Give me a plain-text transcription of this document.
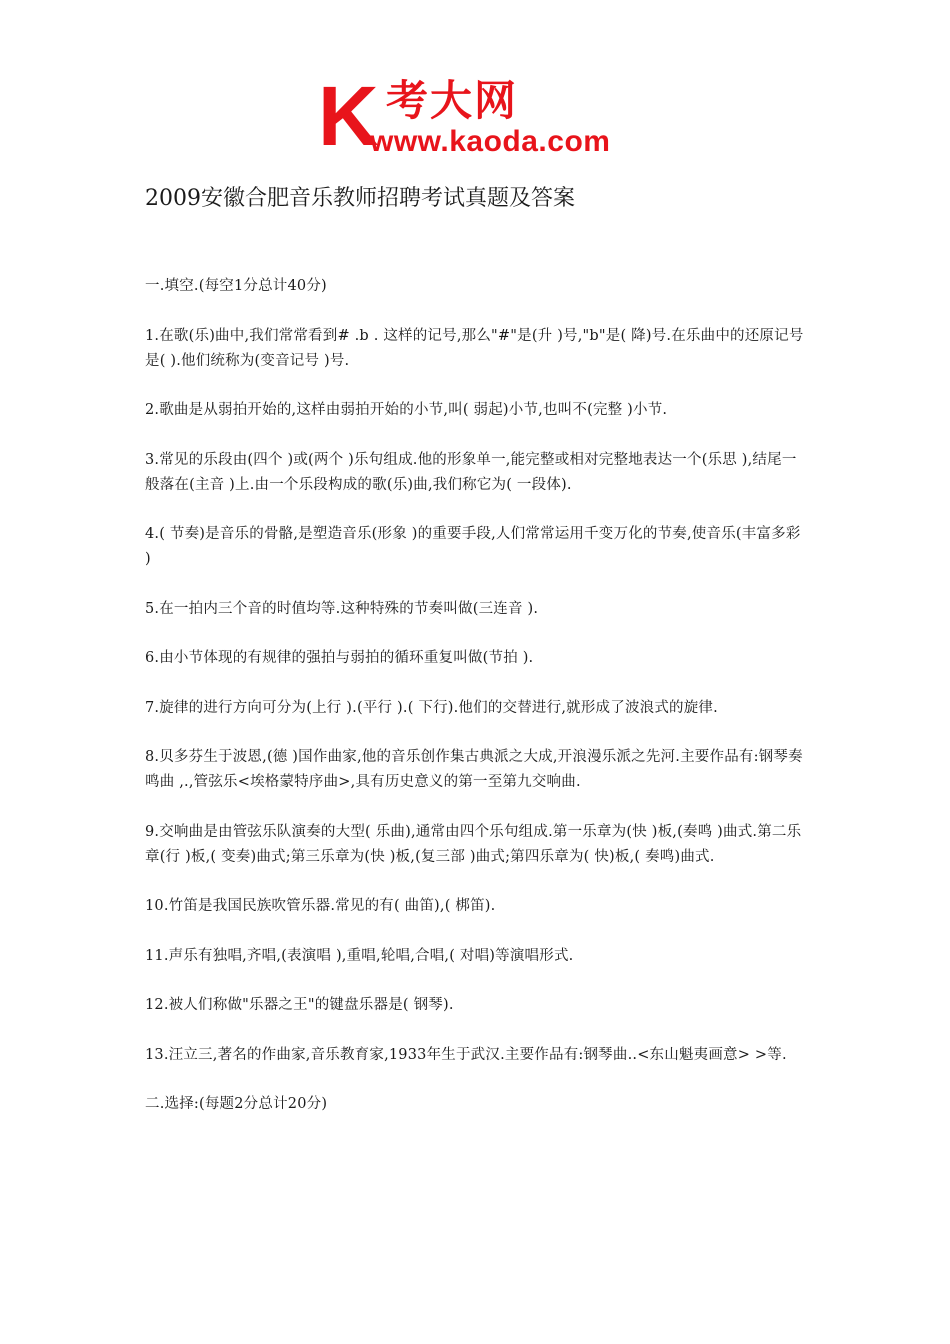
K 考大网
www.kaoda.com
2009安徽合肥音乐教师招聘考试真题及答案

一.填空.(每空1分总计40分)

1.在歌(乐)曲中,我们常常看到# .b . 这样的记号,那么"#"是(升 )号,"b"是( 降)号.在乐曲中的还原记号是( ).他们统称为(变音记号 )号.

2.歌曲是从弱拍开始的,这样由弱拍开始的小节,叫( 弱起)小节,也叫不(完整 )小节.

3.常见的乐段由(四个 )或(两个 )乐句组成.他的形象单一,能完整或相对完整地表达一个(乐思 ),结尾一般落在(主音 )上.由一个乐段构成的歌(乐)曲,我们称它为( 一段体).

4.( 节奏)是音乐的骨骼,是塑造音乐(形象 )的重要手段,人们常常运用千变万化的节奏,使音乐(丰富多彩 )

5.在一拍内三个音的时值均等.这种特殊的节奏叫做(三连音 ).

6.由小节体现的有规律的强拍与弱拍的循环重复叫做(节拍 ).

7.旋律的进行方向可分为(上行 ).(平行 ).( 下行).他们的交替进行,就形成了波浪式的旋律.

8.贝多芬生于波恩,(德 )国作曲家,他的音乐创作集古典派之大成,开浪漫乐派之先河.主要作品有:钢琴奏鸣曲 ,.,管弦乐<埃格蒙特序曲>,具有历史意义的第一至第九交响曲.

9.交响曲是由管弦乐队演奏的大型( 乐曲),通常由四个乐句组成.第一乐章为(快 )板,(奏鸣 )曲式.第二乐章(行 )板,( 变奏)曲式;第三乐章为(快 )板,(复三部 )曲式;第四乐章为( 快)板,( 奏鸣)曲式.

10.竹笛是我国民族吹管乐器.常见的有( 曲笛),( 梆笛).

11.声乐有独唱,齐唱,(表演唱 ),重唱,轮唱,合唱,( 对唱)等演唱形式.

12.被人们称做"乐器之王"的键盘乐器是( 钢琴).

13.汪立三,著名的作曲家,音乐教育家,1933年生于武汉.主要作品有:钢琴曲..<东山魁夷画意> >等.

二.选择:(每题2分总计20分)
